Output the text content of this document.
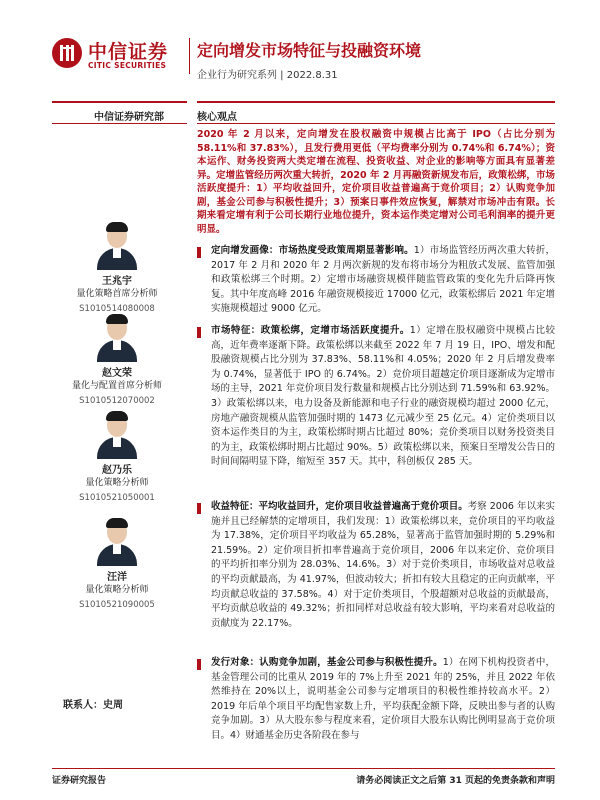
中信证券
CITIC SECURITIES
定向增发市场特征与投融资环境
企业行为研究系列 | 2022.8.31
中信证券研究部	核心观点
王兆宇
量化策略首席分析师
S1010514080008
赵文荣
量化与配置首席分析师
S1010512070002
赵乃乐
量化策略分析师
S1010521050001
汪洋
量化策略分析师
S1010521090005
联系人：史周
2020 年 2 月以来，定向增发在股权融资中规模占比高于 IPO（占比分别为 58.11%和 37.83%），且发行费用更低（平均费率分别为 0.74%和 6.74%）；资本运作、财务投资两大类定增在流程、投资收益、对企业的影响等方面具有显著差异。定增监管经历两次重大转折，2020 年 2 月再融资新规发布后，政策松绑，市场活跃度提升：1）平均收益回升，定价项目收益普遍高于竞价项目；2）认购竞争加剧，基金公司参与积极性提升；3）预案日事件效应恢复，解禁对市场冲击有限。长期来看定增有利于公司长期行业地位提升，资本运作类定增对公司毛利润率的提升更明显。
定向增发画像：市场热度受政策周期显著影响。1）市场监管经历两次重大转折，2017 年 2 月和 2020 年 2 月两次新规的发布将市场分为粗放式发展、监管加强和政策松绑三个时期。2）定增市场融资规模伴随监管政策的变化先升后降再恢复。其中年度高峰 2016 年融资规模接近 17000 亿元，政策松绑后 2021 年定增实施规模超过 9000 亿元。
市场特征：政策松绑，定增市场活跃度提升。1）定增在股权融资中规模占比较高，近年费率逐渐下降。政策松绑以来截至 2022 年 7 月 19 日，IPO、增发和配股融资规模占比分别为 37.83%、58.11%和 4.05%；2020 年 2 月后增发费率为 0.74%，显著低于 IPO 的 6.74%。2）竞价项目超越定价项目逐渐成为定增市场的主导，2021 年竞价项目发行数量和规模占比分别达到 71.59%和 63.92%。3）政策松绑以来，电力设备及新能源和电子行业的融资规模均超过 2000 亿元，房地产融资规模从监管加强时期的 1473 亿元减少至 25 亿元。4）定价类项目以资本运作类目的为主，政策松绑时期占比超过 80%；竞价类项目以财务投资类目的为主，政策松绑时期占比超过 90%。5）政策松绑以来，预案日至增发公告日的时间间隔明显下降，缩短至 357 天。其中，科创板仅 285 天。
收益特征：平均收益回升，定价项目收益普遍高于竞价项目。考察 2006 年以来实施并且已经解禁的定增项目，我们发现：1）政策松绑以来，竞价项目的平均收益为 17.38%，定价项目平均收益为 65.28%，显著高于监管加强时期的 5.29%和 21.59%。2）定价项目折扣率普遍高于竞价项目，2006 年以来定价、竞价项目的平均折扣率分别为 28.03%、14.6%。3）对于竞价类项目，市场收益对总收益的平均贡献最高，为 41.97%，但波动较大；折扣有较大且稳定的正向贡献率，平均贡献总收益的 37.58%。4）对于定价类项目，个股超额对总收益的贡献最高，平均贡献总收益的 49.32%；折扣同样对总收益有较大影响，平均来看对总收益的贡献度为 22.17%。
发行对象：认购竞争加剧，基金公司参与积极性提升。1）在网下机构投资者中，基金管理公司的比重从 2019 年的 7%上升至 2021 年的 25%，并且 2022 年依然维持在 20%以上，说明基金公司参与定增项目的积极性维持较高水平。2）2019 年后单个项目平均配售家数上升，平均获配金额下降，反映出参与者的认购竞争加剧。3）从大股东参与程度来看，定价项目大股东认购比例明显高于竞价项目。4）财通基金历史各阶段在参与
证券研究报告	请务必阅读正文之后第 31 页起的免责条款和声明
